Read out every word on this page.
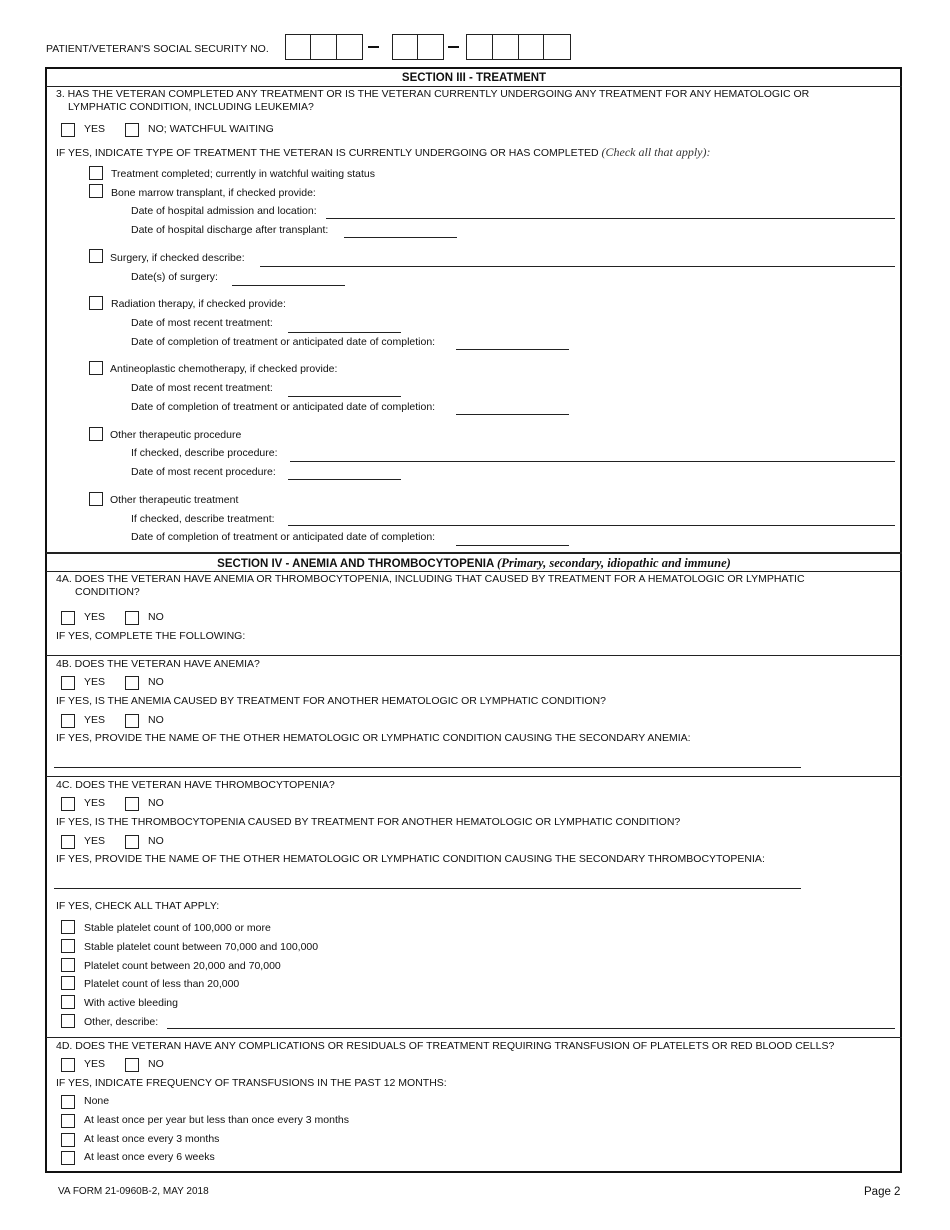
PATIENT/VETERAN'S SOCIAL SECURITY NO.
SECTION III - TREATMENT
3. HAS THE VETERAN COMPLETED ANY TREATMENT OR IS THE VETERAN CURRENTLY UNDERGOING ANY TREATMENT FOR ANY HEMATOLOGIC OR
LYMPHATIC CONDITION, INCLUDING LEUKEMIA?
YES	NO; WATCHFUL WAITING
IF YES, INDICATE TYPE OF TREATMENT THE VETERAN IS CURRENTLY UNDERGOING OR HAS COMPLETED (Check all that apply):
Treatment completed; currently in watchful waiting status
Bone marrow transplant, if checked provide:
Date of hospital admission and location:
Date of hospital discharge after transplant:
Surgery, if checked describe:
Date(s) of surgery:
Radiation therapy, if checked provide:
Date of most recent treatment:
Date of completion of treatment or anticipated date of completion:
Antineoplastic chemotherapy, if checked provide:
Date of most recent treatment:
Date of completion of treatment or anticipated date of completion:
Other therapeutic procedure
If checked, describe procedure:
Date of most recent procedure:
Other therapeutic treatment
If checked, describe treatment:
Date of completion of treatment or anticipated date of completion:
SECTION IV - ANEMIA AND THROMBOCYTOPENIA (Primary, secondary, idiopathic and immune)
4A. DOES THE VETERAN HAVE ANEMIA OR THROMBOCYTOPENIA, INCLUDING THAT CAUSED BY TREATMENT FOR A HEMATOLOGIC OR LYMPHATIC
CONDITION?
YES	NO
IF YES, COMPLETE THE FOLLOWING:
4B. DOES THE VETERAN HAVE ANEMIA?
YES	NO
IF YES, IS THE ANEMIA CAUSED BY TREATMENT FOR ANOTHER HEMATOLOGIC OR LYMPHATIC CONDITION?
YES	NO
IF YES, PROVIDE THE NAME OF THE OTHER HEMATOLOGIC OR LYMPHATIC CONDITION CAUSING THE SECONDARY ANEMIA:
4C. DOES THE VETERAN HAVE THROMBOCYTOPENIA?
YES	NO
IF YES, IS THE THROMBOCYTOPENIA CAUSED BY TREATMENT FOR ANOTHER HEMATOLOGIC OR LYMPHATIC CONDITION?
YES	NO
IF YES, PROVIDE THE NAME OF THE OTHER HEMATOLOGIC OR LYMPHATIC CONDITION CAUSING THE SECONDARY THROMBOCYTOPENIA:
IF YES, CHECK ALL THAT APPLY:
Stable platelet count of 100,000 or more
Stable platelet count between 70,000 and 100,000
Platelet count between 20,000 and 70,000
Platelet count of less than 20,000
With active bleeding
Other, describe:
4D. DOES THE VETERAN HAVE ANY COMPLICATIONS OR RESIDUALS OF TREATMENT REQUIRING TRANSFUSION OF PLATELETS OR RED BLOOD CELLS?
YES	NO
IF YES, INDICATE FREQUENCY OF TRANSFUSIONS IN THE PAST 12 MONTHS:
None
At least once per year but less than once every 3 months
At least once every 3 months
At least once every 6 weeks
VA FORM 21-0960B-2, MAY 2018	Page 2
